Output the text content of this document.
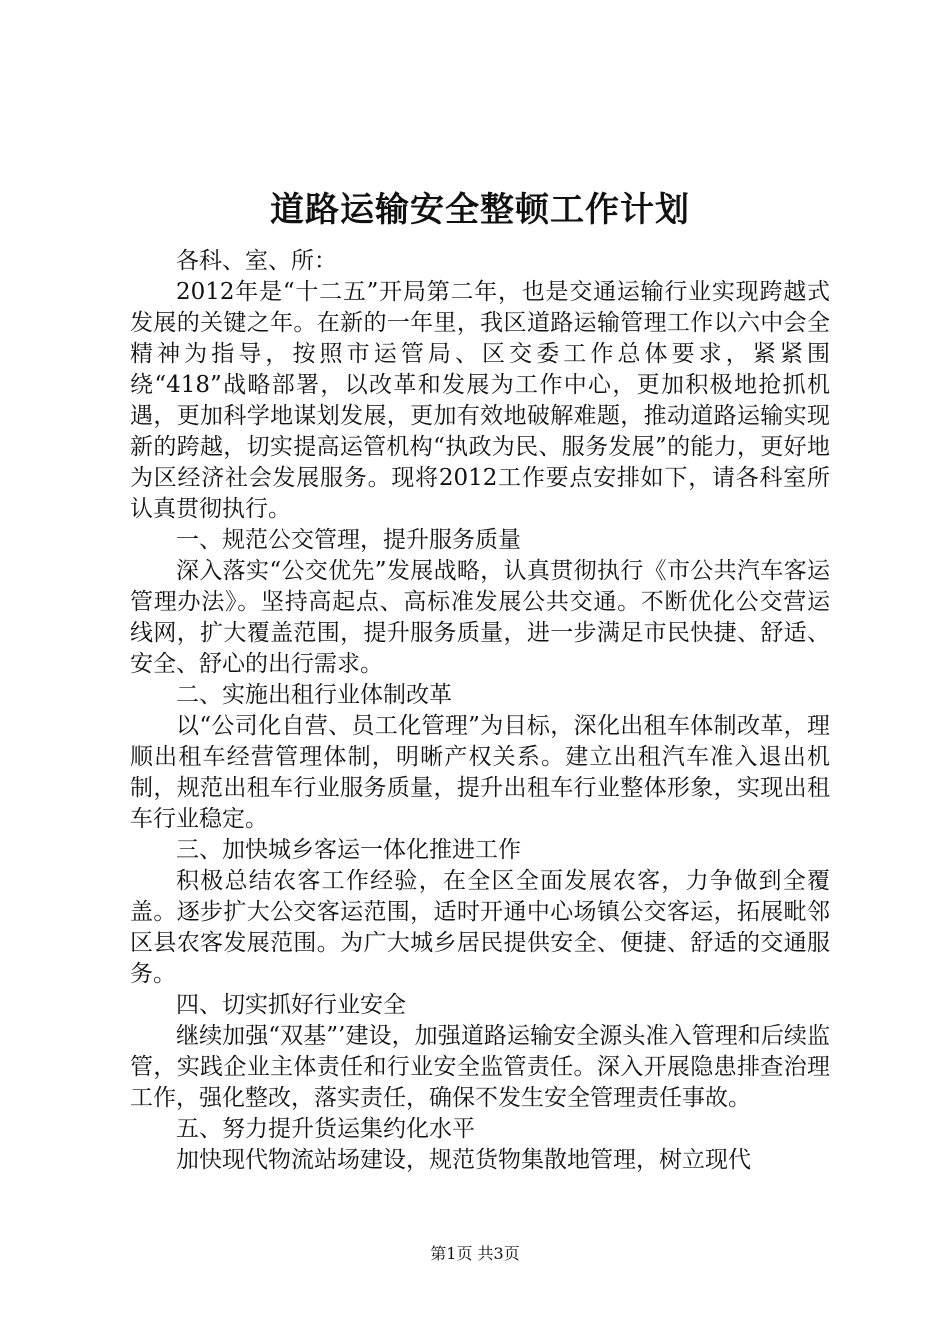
道路运输安全整顿工作计划

各科、室、所：

2012年是“十二五”开局第二年，也是交通运输行业实现跨越式发展的关键之年。在新的一年里，我区道路运输管理工作以六中会全精神为指导，按照市运管局、区交委工作总体要求，紧紧围绕“418”战略部署，以改革和发展为工作中心，更加积极地抢抓机遇，更加科学地谋划发展，更加有效地破解难题，推动道路运输实现新的跨越，切实提高运管机构“执政为民、服务发展”的能力，更好地为区经济社会发展服务。现将2012工作要点安排如下，请各科室所认真贯彻执行。

一、规范公交管理，提升服务质量

深入落实“公交优先”发展战略，认真贯彻执行《市公共汽车客运管理办法》。坚持高起点、高标准发展公共交通。不断优化公交营运线网，扩大覆盖范围，提升服务质量，进一步满足市民快捷、舒适、安全、舒心的出行需求。

二、实施出租行业体制改革

以“公司化自营、员工化管理”为目标，深化出租车体制改革，理顺出租车经营管理体制，明晰产权关系。建立出租汽车准入退出机制，规范出租车行业服务质量，提升出租车行业整体形象，实现出租车行业稳定。

三、加快城乡客运一体化推进工作

积极总结农客工作经验，在全区全面发展农客，力争做到全覆盖。逐步扩大公交客运范围，适时开通中心场镇公交客运，拓展毗邻区县农客发展范围。为广大城乡居民提供安全、便捷、舒适的交通服务。

四、切实抓好行业安全

继续加强“双基”’建设，加强道路运输安全源头准入管理和后续监管，实践企业主体责任和行业安全监管责任。深入开展隐患排查治理工作，强化整改，落实责任，确保不发生安全管理责任事故。

五、努力提升货运集约化水平

加快现代物流站场建设，规范货物集散地管理，树立现代

第1页 共3页
